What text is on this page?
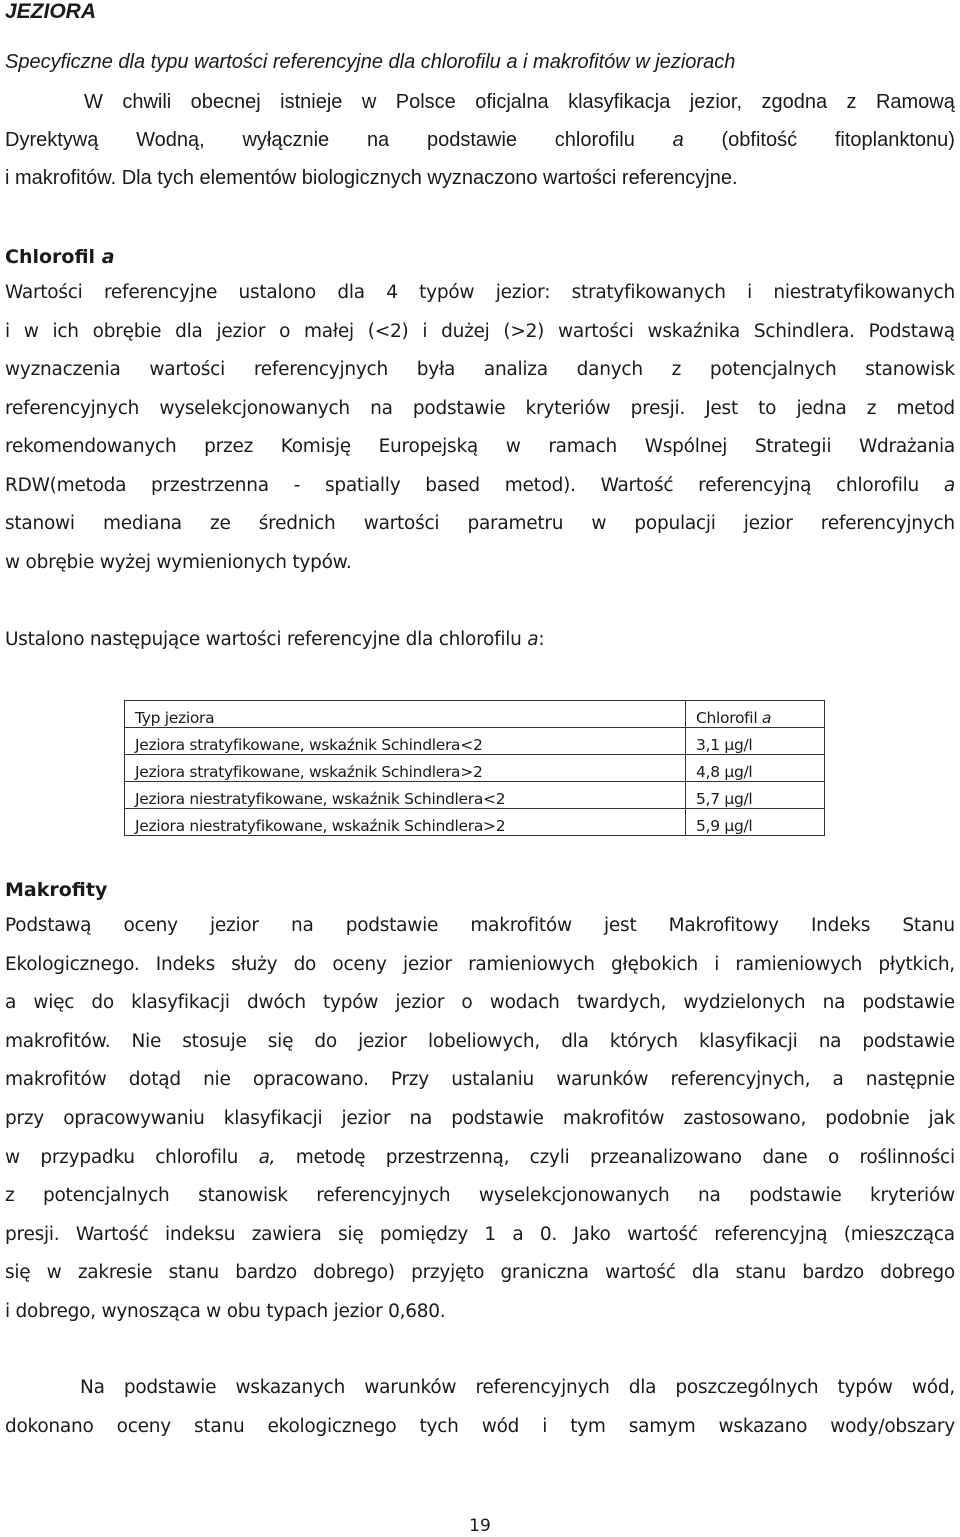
JEZIORA
Specyficzne dla typu wartości referencyjne dla chlorofilu a i makrofitów w jeziorach
W chwili obecnej istnieje w Polsce oficjalna klasyfikacja jezior, zgodna z Ramową
Dyrektywą Wodną, wyłącznie na podstawie chlorofilu a (obfitość fitoplanktonu)
i makrofitów. Dla tych elementów biologicznych wyznaczono wartości referencyjne.
Chlorofil a
Wartości referencyjne ustalono dla 4 typów jezior: stratyfikowanych i niestratyfikowanych
i w ich obrębie dla jezior o małej (<2) i dużej (>2) wartości wskaźnika Schindlera. Podstawą
wyznaczenia wartości referencyjnych była analiza danych z potencjalnych stanowisk
referencyjnych wyselekcjonowanych na podstawie kryteriów presji. Jest to jedna z metod
rekomendowanych przez Komisję Europejską w ramach Wspólnej Strategii Wdrażania
RDW(metoda przestrzenna - spatially based metod). Wartość referencyjną chlorofilu a
stanowi mediana ze średnich wartości parametru w populacji jezior referencyjnych
w obrębie wyżej wymienionych typów.
Ustalono następujące wartości referencyjne dla chlorofilu a:
Typ jeziora	Chlorofil a
Jeziora stratyfikowane, wskaźnik Schindlera<2	3,1 µg/l
Jeziora stratyfikowane, wskaźnik Schindlera>2	4,8 µg/l
Jeziora niestratyfikowane, wskaźnik Schindlera<2	5,7 µg/l
Jeziora niestratyfikowane, wskaźnik Schindlera>2	5,9 µg/l
Makrofity
Podstawą oceny jezior na podstawie makrofitów jest Makrofitowy Indeks Stanu
Ekologicznego. Indeks służy do oceny jezior ramieniowych głębokich i ramieniowych płytkich,
a więc do klasyfikacji dwóch typów jezior o wodach twardych, wydzielonych na podstawie
makrofitów. Nie stosuje się do jezior lobeliowych, dla których klasyfikacji na podstawie
makrofitów dotąd nie opracowano. Przy ustalaniu warunków referencyjnych, a następnie
przy opracowywaniu klasyfikacji jezior na podstawie makrofitów zastosowano, podobnie jak
w przypadku chlorofilu a, metodę przestrzenną, czyli przeanalizowano dane o roślinności
z potencjalnych stanowisk referencyjnych wyselekcjonowanych na podstawie kryteriów
presji. Wartość indeksu zawiera się pomiędzy 1 a 0. Jako wartość referencyjną (mieszcząca
się w zakresie stanu bardzo dobrego) przyjęto graniczna wartość dla stanu bardzo dobrego
i dobrego, wynosząca w obu typach jezior 0,680.
Na podstawie wskazanych warunków referencyjnych dla poszczególnych typów wód,
dokonano oceny stanu ekologicznego tych wód i tym samym wskazano wody/obszary
19
